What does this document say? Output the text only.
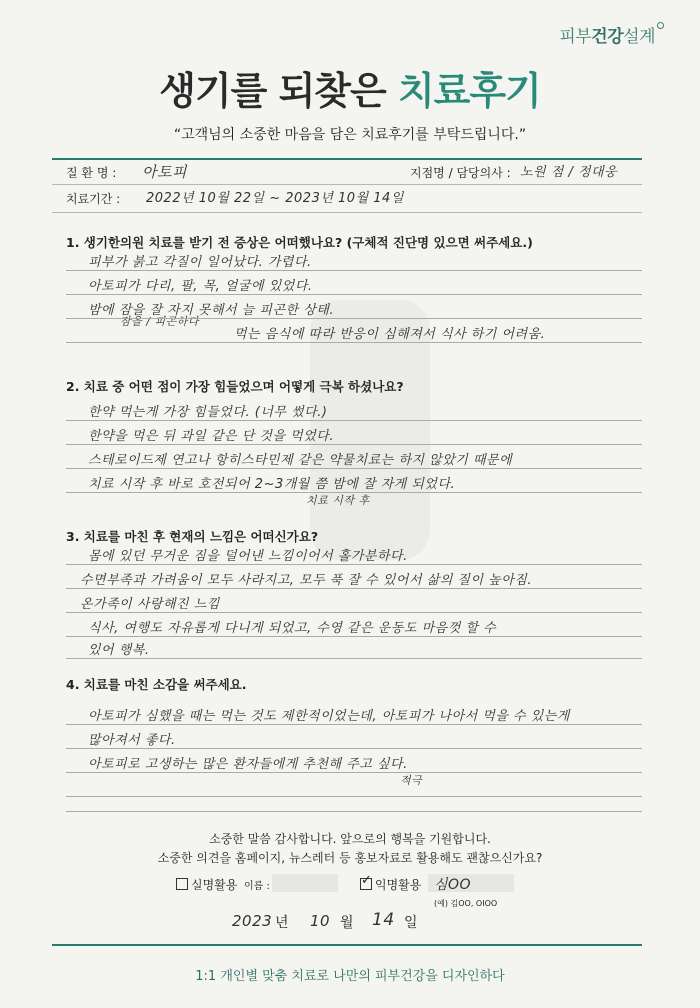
피부건강설계
생기를 되찾은 치료후기
“고객님의 소중한 마음을 담은 치료후기를 부탁드립니다.”
질 환 명 : 아토피	지점명 / 담당의사 : 노원 점 / 정대웅
치료기간 : 2022년 10월 22일 ~ 2023년 10월 14일
1. 생기한의원 치료를 받기 전 증상은 어떠했나요? (구체적 진단명 있으면 써주세요.)
피부가 붉고 각질이 일어났다. 가렵다.
아토피가 다리, 팔, 목, 얼굴에 있었다.
밤에 잠을 잘 자지 못해서 늘 피곤한 상태.
잠을 / 피곤하다
먹는 음식에 따라 반응이 심해져서 식사 하기 어려움.
2. 치료 중 어떤 점이 가장 힘들었으며 어떻게 극복 하셨나요?
한약 먹는게 가장 힘들었다. (너무 썼다.)
한약을 먹은 뒤 과일 같은 단 것을 먹었다.
스테로이드제 연고나 항히스타민제 같은 약물치료는 하지 않았기 때문에
치료 시작 후 바로 호전되어 2~3개월 쯤 밤에 잘 자게 되었다.
치료 시작 후
3. 치료를 마친 후 현재의 느낌은 어떠신가요?
몸에 있던 무거운 짐을 덜어낸 느낌이어서 홀가분하다.
수면부족과 가려움이 모두 사라지고, 모두 푹 잘 수 있어서 삶의 질이 높아짐.
온가족이 사랑해진 느낌
식사, 여행도 자유롭게 다니게 되었고, 수영 같은 운동도 마음껏 할 수
있어 행복.
4. 치료를 마친 소감을 써주세요.
아토피가 심했을 때는 먹는 것도 제한적이었는데, 아토피가 나아서 먹을 수 있는게
많아져서 좋다.
아토피로 고생하는 많은 환자들에게 추천해 주고 싶다.
적극
소중한 말씀 감사합니다. 앞으로의 행복을 기원합니다.
소중한 의견을 홈페이지, 뉴스레터 등 홍보자료로 활용해도 괜찮으신가요?
실명활용 이름 :	✓ 익명활용 심OO
(예) 김OO, OIOO
2023 년 10 월 14 일
1:1 개인별 맞춤 치료로 나만의 피부건강을 디자인하다
